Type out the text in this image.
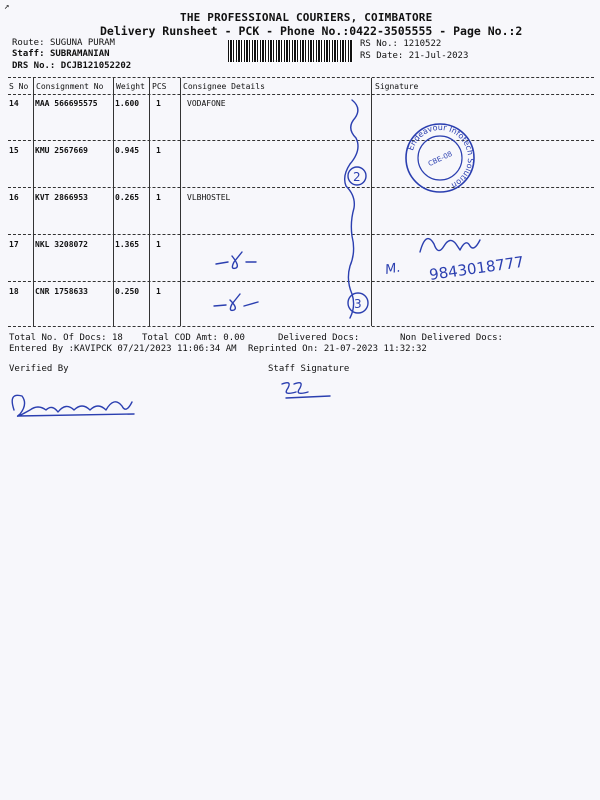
↗
THE PROFESSIONAL COURIERS, COIMBATORE
Delivery Runsheet - PCK - Phone No.:0422-3505555 - Page No.:2
Route: SUGUNA PURAM
Staff: SUBRAMANIAN
DRS No.: DCJB121052202
RS No.: 1210522
RS Date: 21-Jul-2023
S No Consignment No Weight PCS Consignee Details	Signature
14 MAA 566695575 1.600 1	VODAFONE
15 KMU 2567669	0.945 1
16 KVT 2866953	0.265 1	VLBHOSTEL
17 NKL 3208072	1.365 1
18 CNR 1758633	0.250 1
2
3
M. 9843018777
Endeavour Infotech Solution
CBE-08
Total No. Of Docs: 18 Total COD Amt: 0.00	Delivered Docs:	Non Delivered Docs:
Entered By :KAVIPCK 07/21/2023 11:06:34 AM Reprinted On: 21-07-2023 11:32:32
Verified By	Staff Signature
